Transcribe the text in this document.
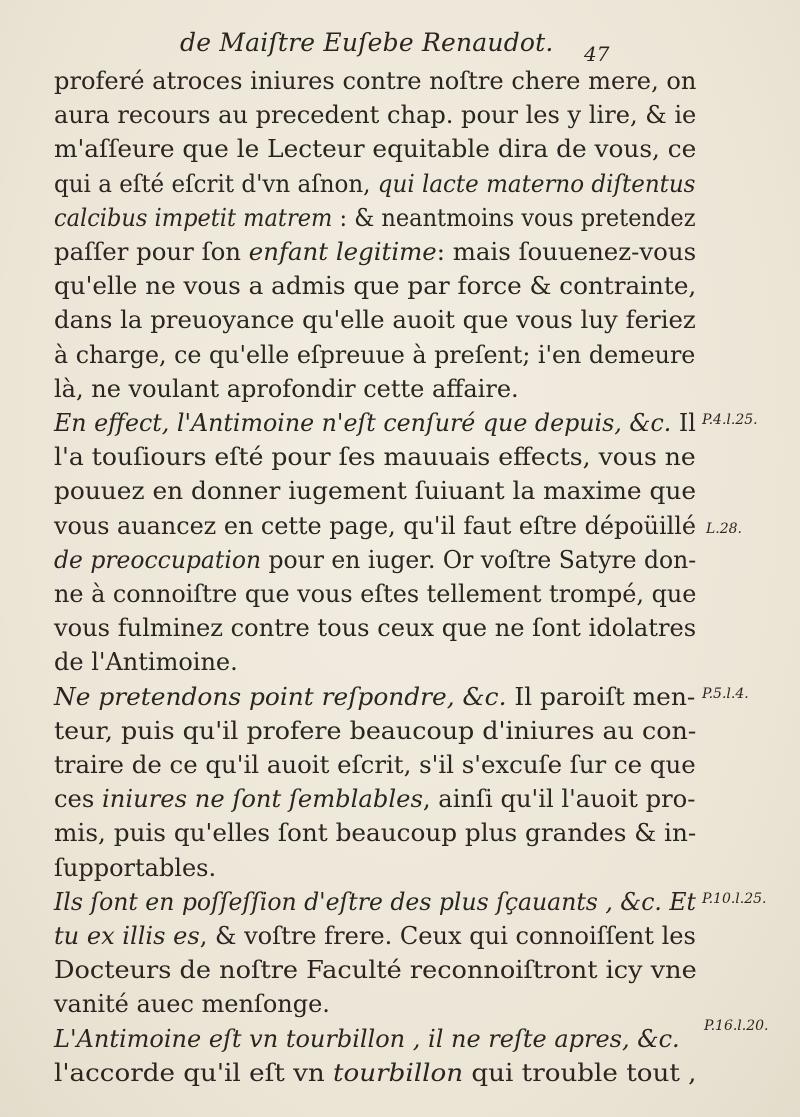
de Maiſtre Euſebe Renaudot. 47
proferé atroces iniures contre noſtre chere mere, on
aura recours au precedent chap. pour les y lire, & ie
m'aſſeure que le Lecteur equitable dira de vous, ce
qui a eſté eſcrit d'vn aſnon, qui lacte materno diſtentus
calcibus impetit matrem : & neantmoins vous pretendez
paſſer pour ſon enfant legitime: mais ſouuenez-vous
qu'elle ne vous a admis que par force & contrainte,
dans la preuoyance qu'elle auoit que vous luy feriez
à charge, ce qu'elle eſpreuue à preſent; i'en demeure
là, ne voulant aprofondir cette affaire.
En effect, l'Antimoine n'eſt cenſuré que depuis, &c. Il
l'a touſiours eſté pour ſes mauuais effects, vous ne
pouuez en donner iugement ſuiuant la maxime que
vous auancez en cette page, qu'il faut eſtre dépoüillé
de preoccupation pour en iuger. Or voſtre Satyre don-
ne à connoiſtre que vous eſtes tellement trompé, que
vous fulminez contre tous ceux que ne ſont idolatres
de l'Antimoine.
Ne pretendons point reſpondre, &c. Il paroiſt men-
teur, puis qu'il profere beaucoup d'iniures au con-
traire de ce qu'il auoit eſcrit, s'il s'excuſe ſur ce que
ces iniures ne ſont ſemblables, ainſi qu'il l'auoit pro-
mis, puis qu'elles ſont beaucoup plus grandes & in-
ſupportables.
Ils ſont en poſſeſſion d'eſtre des plus ſçauants , &c. Et
tu ex illis es, & voſtre frere. Ceux qui connoiſſent les
Docteurs de noſtre Faculté reconnoiſtront icy vne
vanité auec menſonge.
L'Antimoine eſt vn tourbillon , il ne reſte apres, &c.
l'accorde qu'il eſt vn tourbillon qui trouble tout ,
P.4.l.25.
L.28.
P.5.l.4.
P.10.l.25.
P.16.l.20.
